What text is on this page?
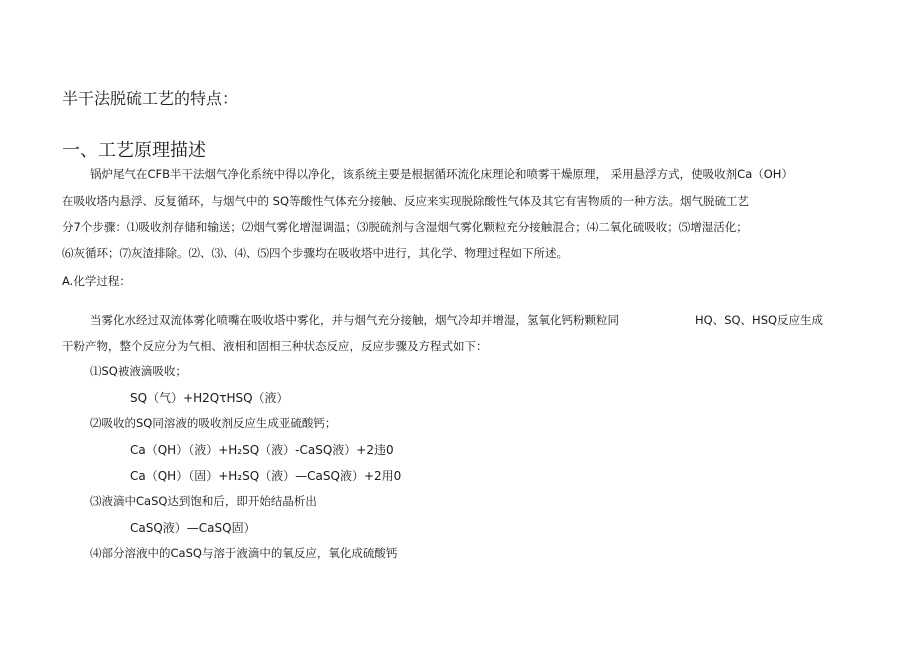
半干法脱硫工艺的特点：
一、工艺原理描述
锅炉尾气在CFB半干法烟气净化系统中得以净化，该系统主要是根据循环流化床理论和喷雾干燥原理， 采用悬浮方式，使吸收剂Ca（OH）
在吸收塔内悬浮、反复循环，与烟气中的 SQ等酸性气体充分接触、反应来实现脱除酸性气体及其它有害物质的一种方法。烟气脱硫工艺
分7个步骤：⑴吸收剂存储和输送；⑵烟气雾化增湿调温；⑶脱硫剂与含湿烟气雾化颗粒充分接触混合；⑷二氧化硫吸收；⑸增湿活化；
⑹灰循环；⑺灰渣排除。⑵、⑶、⑷、⑸四个步骤均在吸收塔中进行，其化学、物理过程如下所述。
A.化学过程：
当雾化水经过双流体雾化喷嘴在吸收塔中雾化，并与烟气充分接触，烟气冷却并增湿，氢氧化钙粉颗粒同	HQ、SQ、HSQ反应生成
干粉产物，整个反应分为气相、液相和固相三种状态反应，反应步骤及方程式如下：
⑴SQ被液滴吸收；
SQ（气）+H2QτHSQ（液）
⑵吸收的SQ同溶液的吸收剂反应生成亚硫酸钙；
Ca（QH）（液）+H₂SQ（液）-CaSQ液）+2违0
Ca（QH）（固）+H₂SQ（液）—CaSQ液）+2用0
⑶液滴中CaSQ达到饱和后，即开始结晶析出
CaSQ液）—CaSQ固）
⑷部分溶液中的CaSQ与溶于液滴中的氧反应，氧化成硫酸钙
